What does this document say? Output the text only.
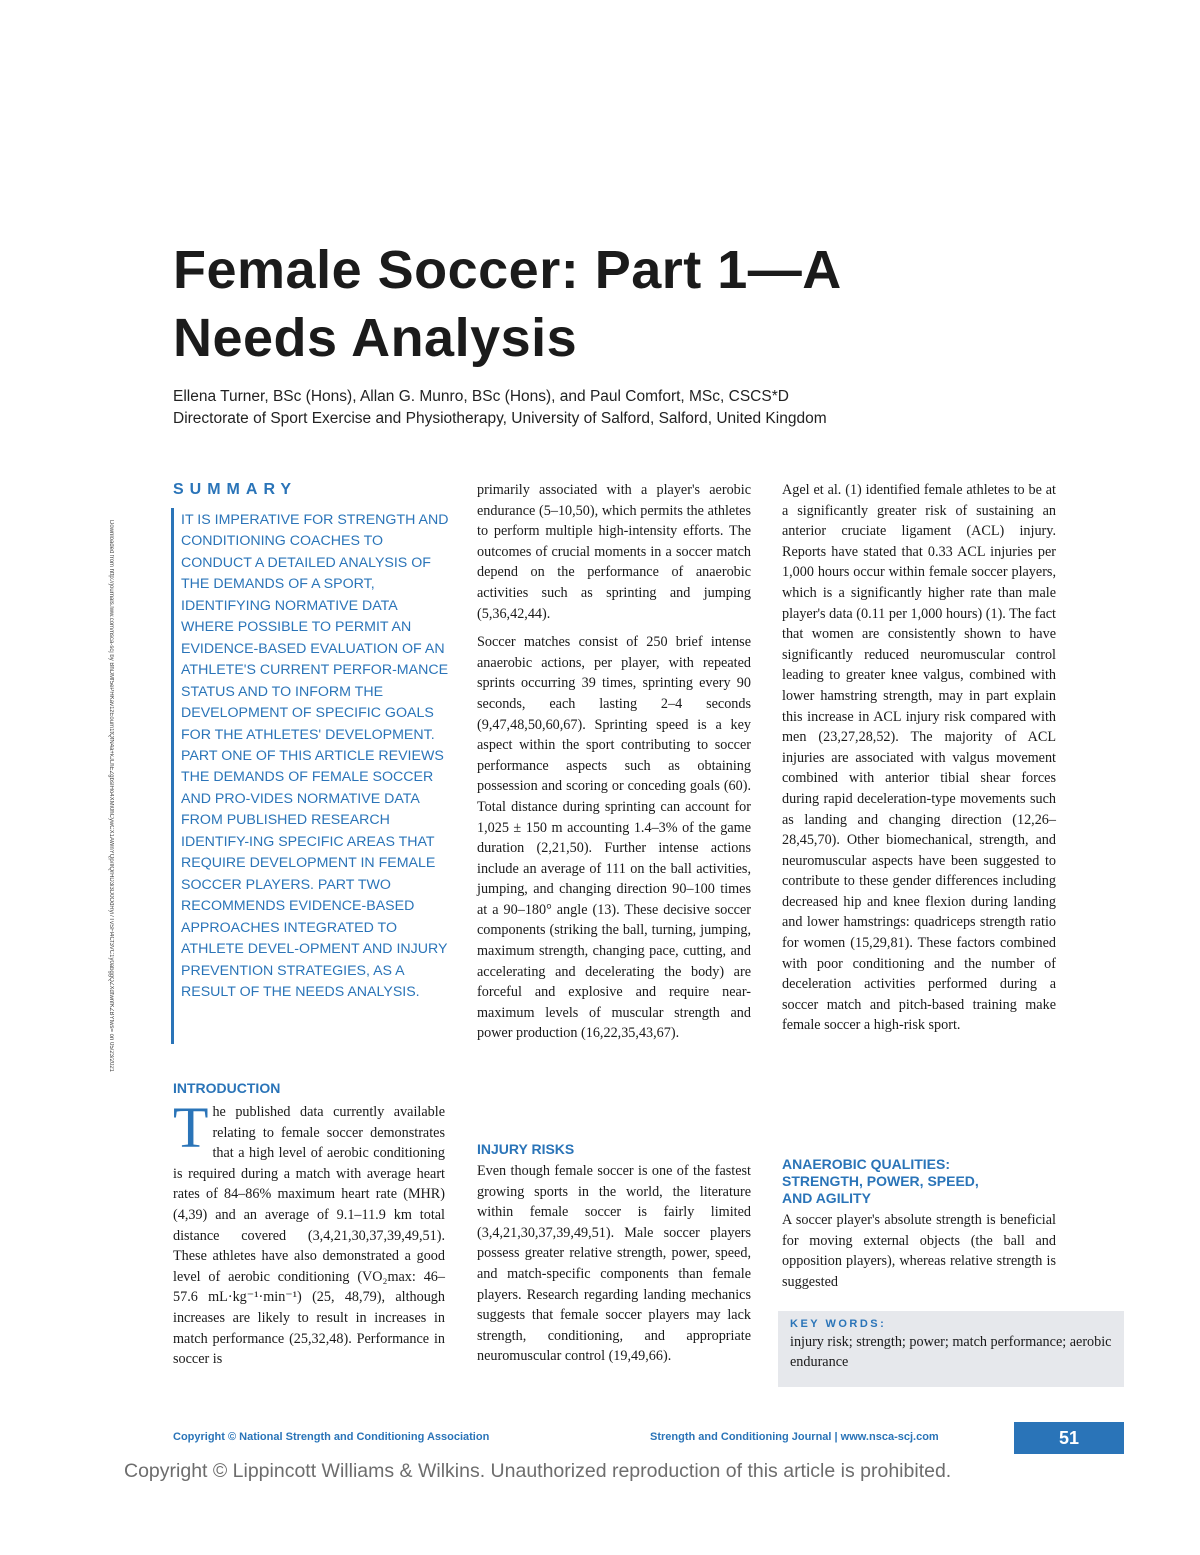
Female Soccer: Part 1—A
Needs Analysis
Ellena Turner, BSc (Hons), Allan G. Munro, BSc (Hons), and Paul Comfort, MSc, CSCS*D
Directorate of Sport Exercise and Physiotherapy, University of Salford, Salford, United Kingdom
Downloaded from http://journals.lww.com/nsca-scj by BhDMf5ePHKav1zEoum1tQfN4a+kJLhEZgbsIHo4XMi0hCywCX1AWnYQp/IlQrHD3i3D0OdRyi7TvSFl4Cf3VC1y0abggQZXdtwnfKZBYtws= on 05/23/2021
SUMMARY
IT IS IMPERATIVE FOR STRENGTH AND CONDITIONING COACHES TO CONDUCT A DETAILED ANALYSIS OF THE DEMANDS OF A SPORT, IDENTIFYING NORMATIVE DATA WHERE POSSIBLE TO PERMIT AN EVIDENCE-BASED EVALUATION OF AN ATHLETE'S CURRENT PERFOR-MANCE STATUS AND TO INFORM THE DEVELOPMENT OF SPECIFIC GOALS FOR THE ATHLETES' DEVELOPMENT. PART ONE OF THIS ARTICLE REVIEWS THE DEMANDS OF FEMALE SOCCER AND PRO-VIDES NORMATIVE DATA FROM PUBLISHED RESEARCH IDENTIFY-ING SPECIFIC AREAS THAT REQUIRE DEVELOPMENT IN FEMALE SOCCER PLAYERS. PART TWO RECOMMENDS EVIDENCE-BASED APPROACHES INTEGRATED TO ATHLETE DEVEL-OPMENT AND INJURY PREVENTION STRATEGIES, AS A RESULT OF THE NEEDS ANALYSIS.
INTRODUCTION
The published data currently available relating to female soccer demonstrates that a high level of aerobic conditioning is required during a match with average heart rates of 84–86% maximum heart rate (MHR) (4,39) and an average of 9.1–11.9 km total distance covered (3,4,21,30,37,39,49,51). These athletes have also demonstrated a good level of aerobic conditioning (VO₂max: 46–57.6 mL·kg⁻¹·min⁻¹) (25, 48,79), although increases are likely to result in increases in match performance (25,32,48). Performance in soccer is

primarily associated with a player's aerobic endurance (5–10,50), which permits the athletes to perform multiple high-intensity efforts. The outcomes of crucial moments in a soccer match depend on the performance of anaerobic activities such as sprinting and jumping (5,36,42,44).

Soccer matches consist of 250 brief intense anaerobic actions, per player, with repeated sprints occurring 39 times, sprinting every 90 seconds, each lasting 2–4 seconds (9,47,48,50,60,67). Sprinting speed is a key aspect within the sport contributing to soccer performance aspects such as obtaining possession and scoring or conceding goals (60). Total distance during sprinting can account for 1,025 ± 150 m accounting 1.4–3% of the game duration (2,21,50). Further intense actions include an average of 111 on the ball activities, jumping, and changing direction 90–100 times at a 90–180° angle (13). These decisive soccer components (striking the ball, turning, jumping, maximum strength, changing pace, cutting, and accelerating and decelerating the body) are forceful and explosive and require near-maximum levels of muscular strength and power production (16,22,35,43,67).

INJURY RISKS
Even though female soccer is one of the fastest growing sports in the world, the literature within female soccer is fairly limited (3,4,21,30,37,39,49,51). Male soccer players possess greater relative strength, power, speed, and match-specific components than female players. Research regarding landing mechanics suggests that female soccer players may lack strength, conditioning, and appropriate neuromuscular control (19,49,66).
Agel et al. (1) identified female athletes to be at a significantly greater risk of sustaining an anterior cruciate ligament (ACL) injury. Reports have stated that 0.33 ACL injuries per 1,000 hours occur within female soccer players, which is a significantly higher rate than male player's data (0.11 per 1,000 hours) (1). The fact that women are consistently shown to have significantly reduced neuromuscular control leading to greater knee valgus, combined with lower hamstring strength, may in part explain this increase in ACL injury risk compared with men (23,27,28,52). The majority of ACL injuries are associated with valgus movement combined with anterior tibial shear forces during rapid deceleration-type movements such as landing and changing direction (12,26–28,45,70). Other biomechanical, strength, and neuromuscular aspects have been suggested to contribute to these gender differences including decreased hip and knee flexion during landing and lower hamstrings: quadriceps strength ratio for women (15,29,81). These factors combined with poor conditioning and the number of deceleration activities performed during a soccer match and pitch-based training make female soccer a high-risk sport.
ANAEROBIC QUALITIES:
STRENGTH, POWER, SPEED,
AND AGILITY
A soccer player's absolute strength is beneficial for moving external objects (the ball and opposition players), whereas relative strength is suggested
KEY WORDS:
injury risk; strength; power; match performance; aerobic endurance
Copyright © National Strength and Conditioning Association	Strength and Conditioning Journal | www.nsca-scj.com	51
Copyright © Lippincott Williams & Wilkins. Unauthorized reproduction of this article is prohibited.
